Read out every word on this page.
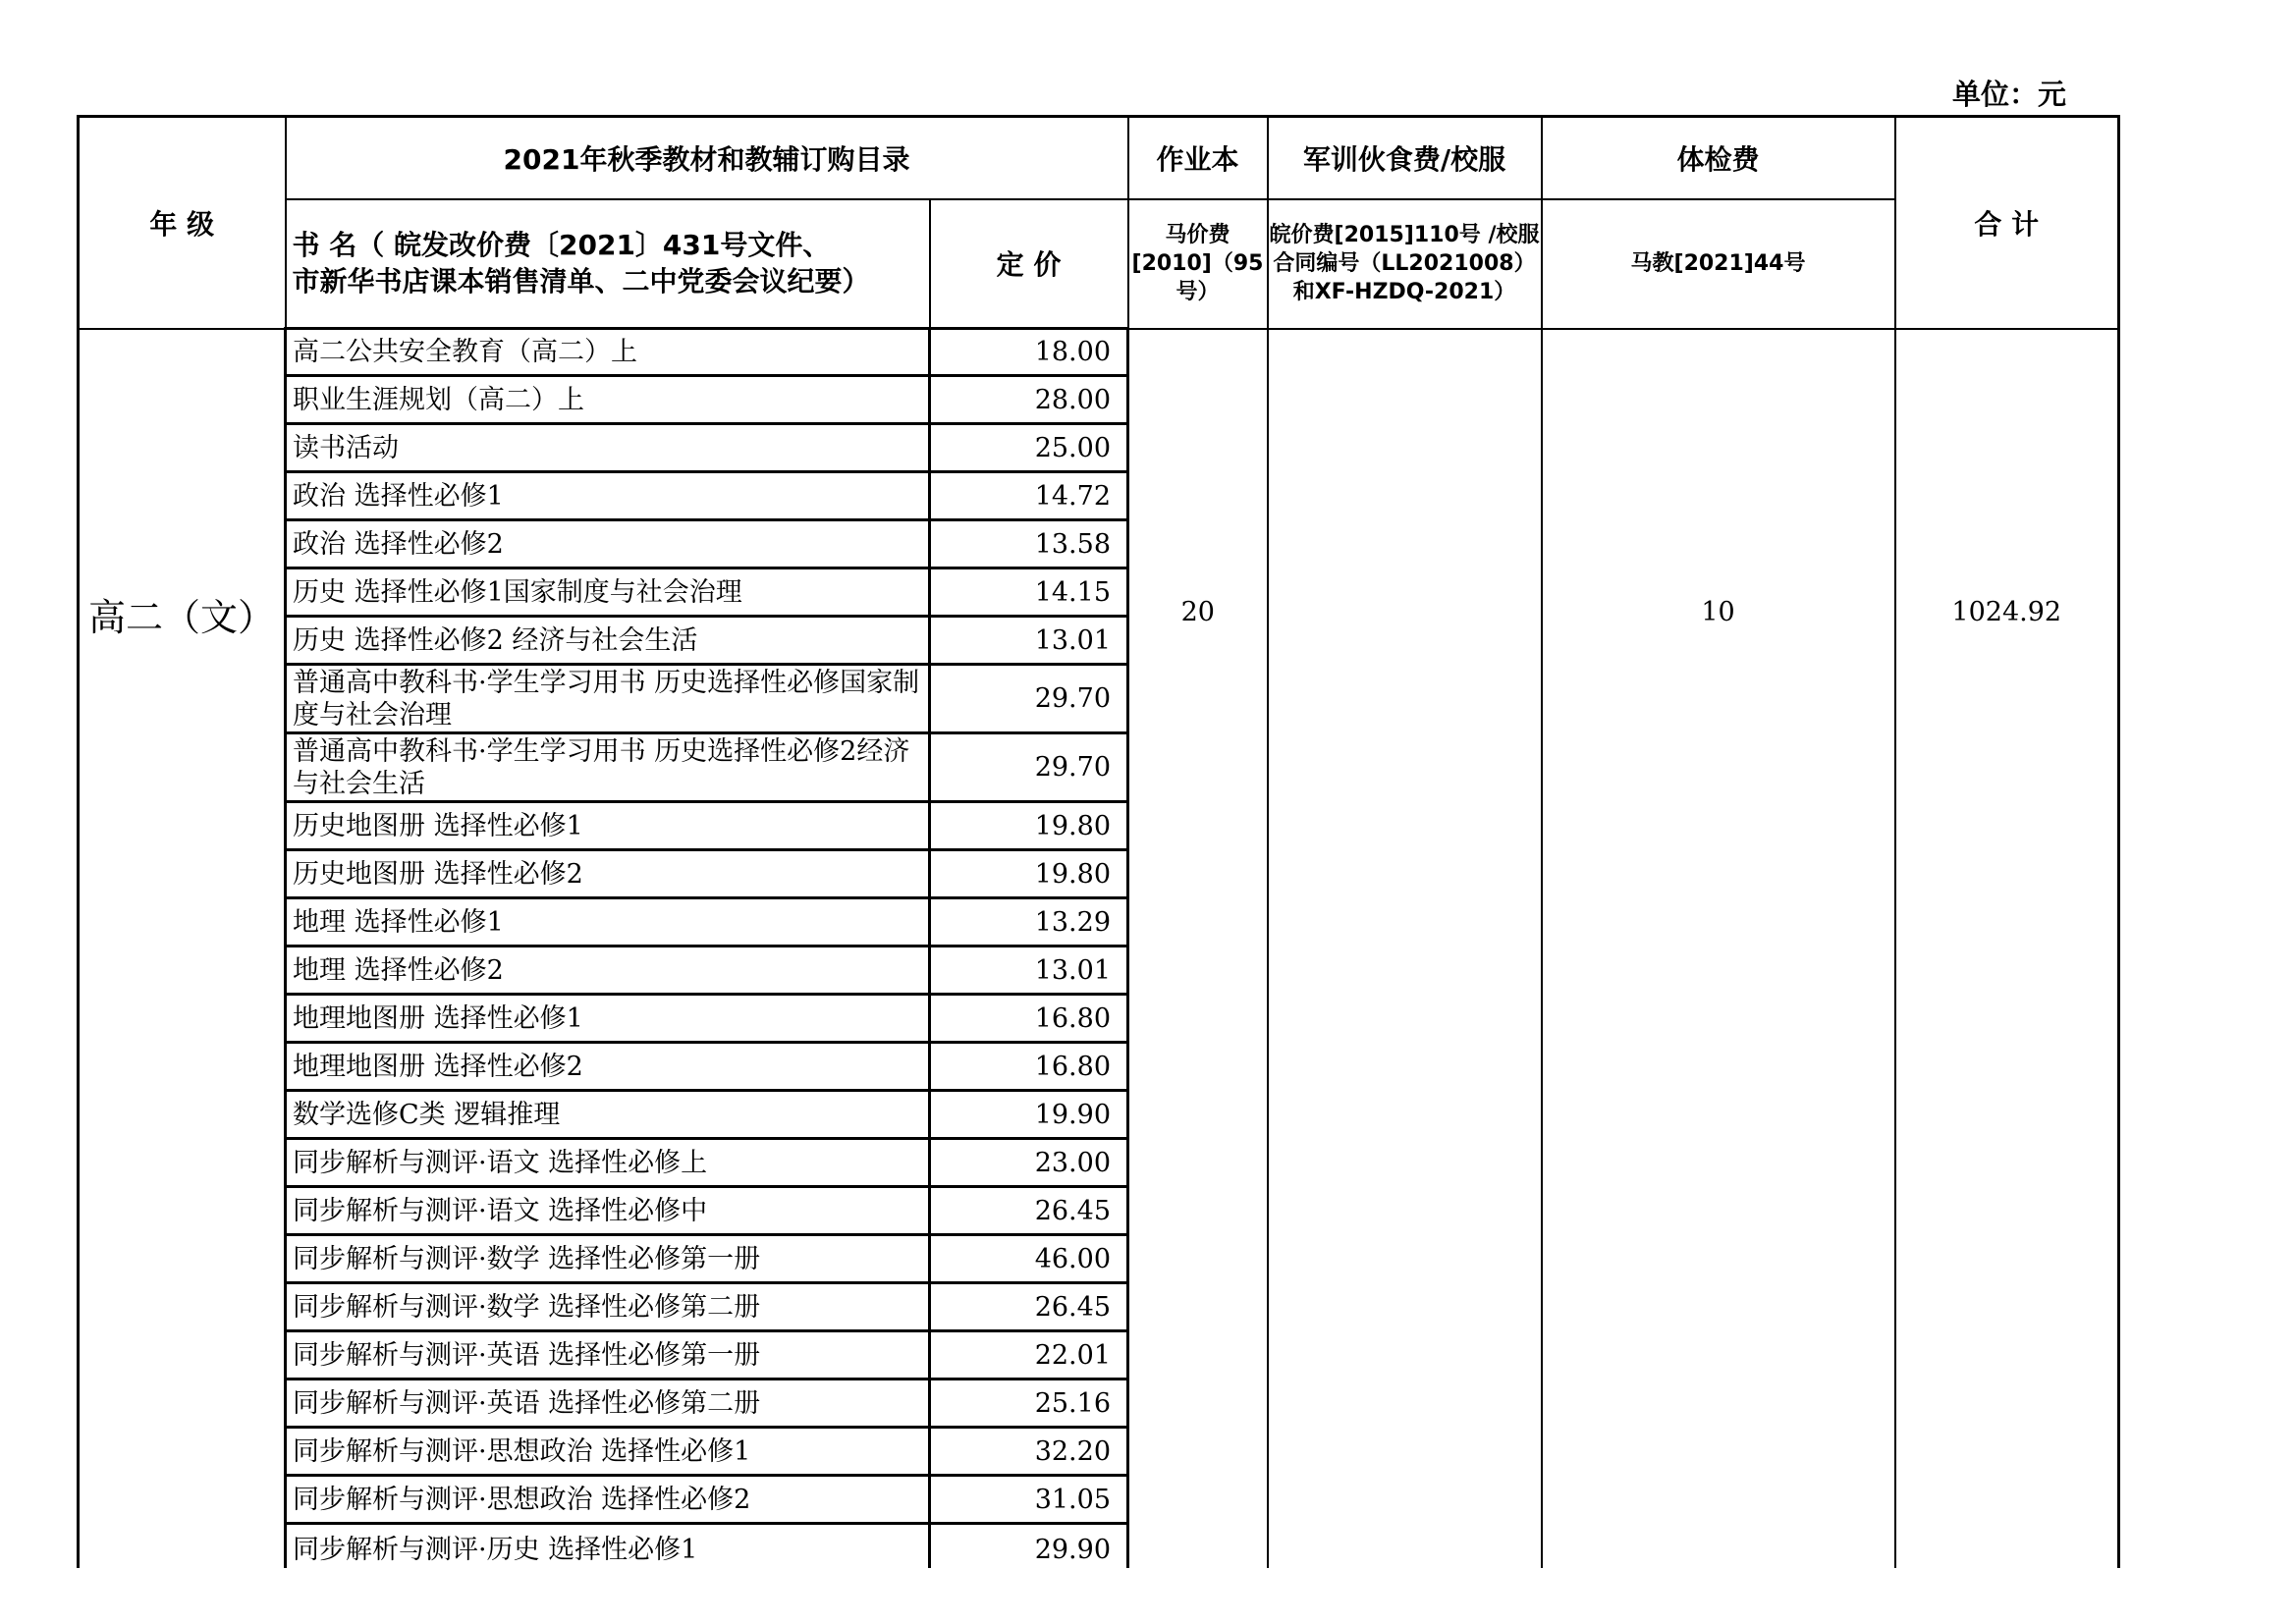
单位：元
年 级	2021年秋季教材和教辅订购目录		作业本	军训伙食费/校服	体检费	合 计

	书 名（ 皖发改价费〔2021〕431号文件、
市新华书店课本销售清单、二中党委会议纪要）	定 价	马价费[2010]（95号）	皖价费[2015]110号 /校服合同编号（LL2021008）和XF-HZDQ-2021）	马教[2021]44号	
高二（文）	高二公共安全教育（高二）上	18.00	20		10	1024.92
	职业生涯规划（高二）上	28.00				
	读书活动	25.00				
	政治 选择性必修1	14.72				
	政治 选择性必修2	13.58				
	历史 选择性必修1国家制度与社会治理	14.15				
	历史 选择性必修2 经济与社会生活	13.01				
	普通高中教科书·学生学习用书 历史选择性必修国家制度与社会治理	29.70				
	普通高中教科书·学生学习用书 历史选择性必修2经济与社会生活	29.70				
	历史地图册 选择性必修1	19.80				
	历史地图册 选择性必修2	19.80				
	地理 选择性必修1	13.29				
	地理 选择性必修2	13.01				
	地理地图册 选择性必修1	16.80				
	地理地图册 选择性必修2	16.80				
	数学选修C类 逻辑推理	19.90				
	同步解析与测评·语文 选择性必修上	23.00				
	同步解析与测评·语文 选择性必修中	26.45				
	同步解析与测评·数学 选择性必修第一册	46.00				
	同步解析与测评·数学 选择性必修第二册	26.45				
	同步解析与测评·英语 选择性必修第一册	22.01				
	同步解析与测评·英语 选择性必修第二册	25.16				
	同步解析与测评·思想政治 选择性必修1	32.20				
	同步解析与测评·思想政治 选择性必修2	31.05				
	同步解析与测评·历史 选择性必修1	29.90				
